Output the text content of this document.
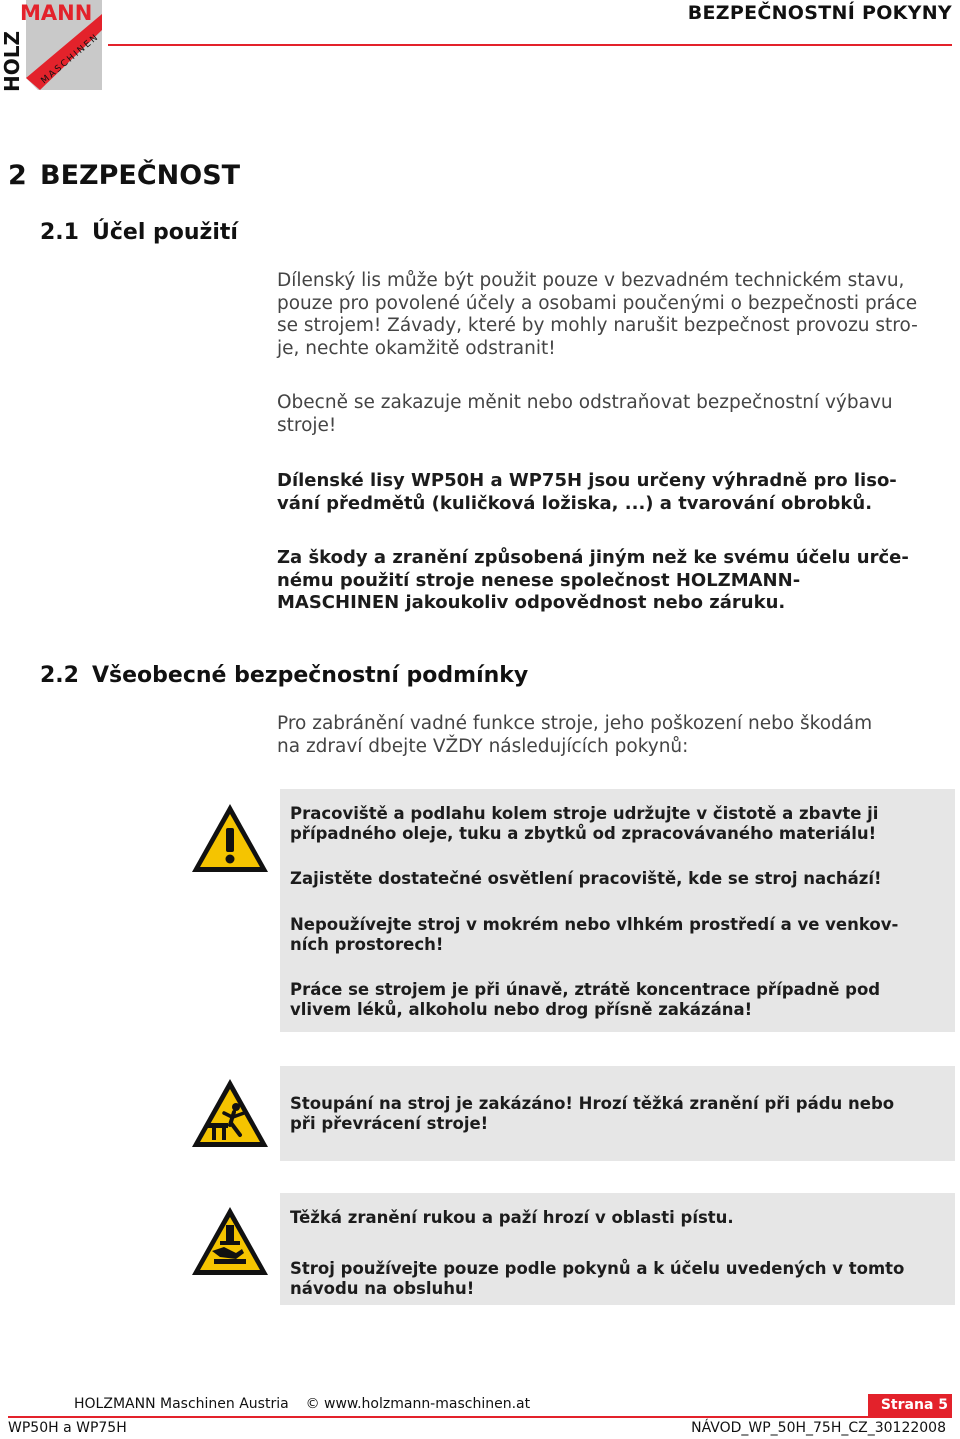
HOLZ
MANN
MASCHINEN
BEZPEČNOSTNÍ POKYNY
2 BEZPEČNOST
2.1 Účel použití
Dílenský lis může být použit pouze v bezvadném technickém stavu,
pouze pro povolené účely a osobami poučenými o bezpečnosti práce
se strojem! Závady, které by mohly narušit bezpečnost provozu stro-
je, nechte okamžitě odstranit!
Obecně se zakazuje měnit nebo odstraňovat bezpečnostní výbavu
stroje!
Dílenské lisy WP50H a WP75H jsou určeny výhradně pro liso-
vání předmětů (kuličková ložiska, ...) a tvarování obrobků.
Za škody a zranění způsobená jiným než ke svému účelu urče-
nému použití stroje nenese společnost HOLZMANN-
MASCHINEN jakoukoliv odpovědnost nebo záruku.
2.2 Všeobecné bezpečnostní podmínky
Pro zabránění vadné funkce stroje, jeho poškození nebo škodám
na zdraví dbejte VŽDY následujících pokynů:
Pracoviště a podlahu kolem stroje udržujte v čistotě a zbavte ji
případného oleje, tuku a zbytků od zpracovávaného materiálu!
Zajistěte dostatečné osvětlení pracoviště, kde se stroj nachází!
Nepoužívejte stroj v mokrém nebo vlhkém prostředí a ve venkov-
ních prostorech!
Práce se strojem je při únavě, ztrátě koncentrace případně pod
vlivem léků, alkoholu nebo drog přísně zakázána!
Stoupání na stroj je zakázáno! Hrozí těžká zranění při pádu nebo
při převrácení stroje!
Těžká zranění rukou a paží hrozí v oblasti pístu.
Stroj používejte pouze podle pokynů a k účelu uvedených v tomto
návodu na obsluhu!
HOLZMANN Maschinen Austria © www.holzmann-maschinen.at	Strana 5
WP50H a WP75H	NÁVOD_WP_50H_75H_CZ_30122008
